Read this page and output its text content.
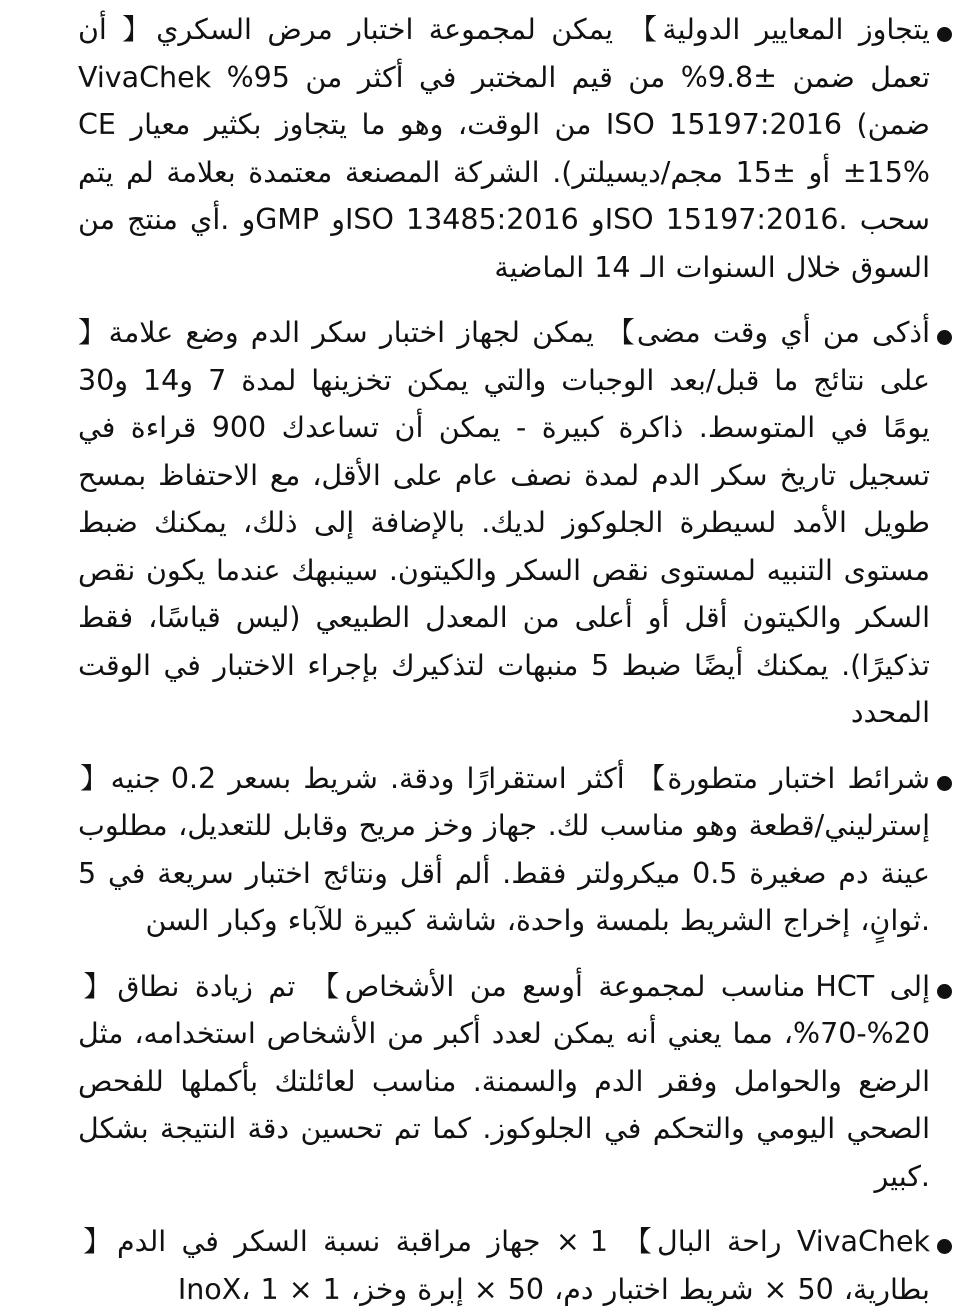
يتجاوز المعايير الدولية】 يمكن لمجموعة اختبار مرض السكري【 أن تعمل ضمن ±9.8% من قيم المختبر في أكثر من 95% VivaChek ضمن) ISO 15197:2016 من الوقت، وهو ما يتجاوز بكثير معيار CE ±15% أو ±15 مجم/ديسيلتر). الشركة المصنعة معتمدة بعلامة لم يتم سحب .ISO 15197:2016و ISO 13485:2016و GMPو .أي منتج من السوق خلال السنوات الـ 14 الماضية
أذكى من أي وقت مضى】 يمكن لجهاز اختبار سكر الدم وضع علامة【 على نتائج ما قبل/بعد الوجبات والتي يمكن تخزينها لمدة 7 و14 و30 يومًا في المتوسط. ذاكرة كبيرة - يمكن أن تساعدك 900 قراءة في تسجيل تاريخ سكر الدم لمدة نصف عام على الأقل، مع الاحتفاظ بمسح طويل الأمد لسيطرة الجلوكوز لديك. بالإضافة إلى ذلك، يمكنك ضبط مستوى التنبيه لمستوى نقص السكر والكيتون. سينبهك عندما يكون نقص السكر والكيتون أقل أو أعلى من المعدل الطبيعي (ليس قياسًا، فقط تذكيرًا). يمكنك أيضًا ضبط 5 منبهات لتذكيرك بإجراء الاختبار في الوقت المحدد
شرائط اختبار متطورة】 أكثر استقرارًا ودقة. شريط بسعر 0.2 جنيه【 إسترليني/قطعة وهو مناسب لك. جهاز وخز مريح وقابل للتعديل، مطلوب عينة دم صغيرة 0.5 ميكرولتر فقط. ألم أقل ونتائج اختبار سريعة في 5 .ثوانٍ، إخراج الشريط بلمسة واحدة، شاشة كبيرة للآباء وكبار السن
إلى HCT مناسب لمجموعة أوسع من الأشخاص】 تم زيادة نطاق【 20%-70%، مما يعني أنه يمكن لعدد أكبر من الأشخاص استخدامه، مثل الرضع والحوامل وفقر الدم والسمنة. مناسب لعائلتك بأكملها للفحص الصحي اليومي والتحكم في الجلوكوز. كما تم تحسين دقة النتيجة بشكل .كبير
VivaChek راحة البال】 1 × جهاز مراقبة نسبة السكر في الدم【 بطارية، 50 × شريط اختبار دم، 50 × إبرة وخز، 1 × 1 ،InoX
